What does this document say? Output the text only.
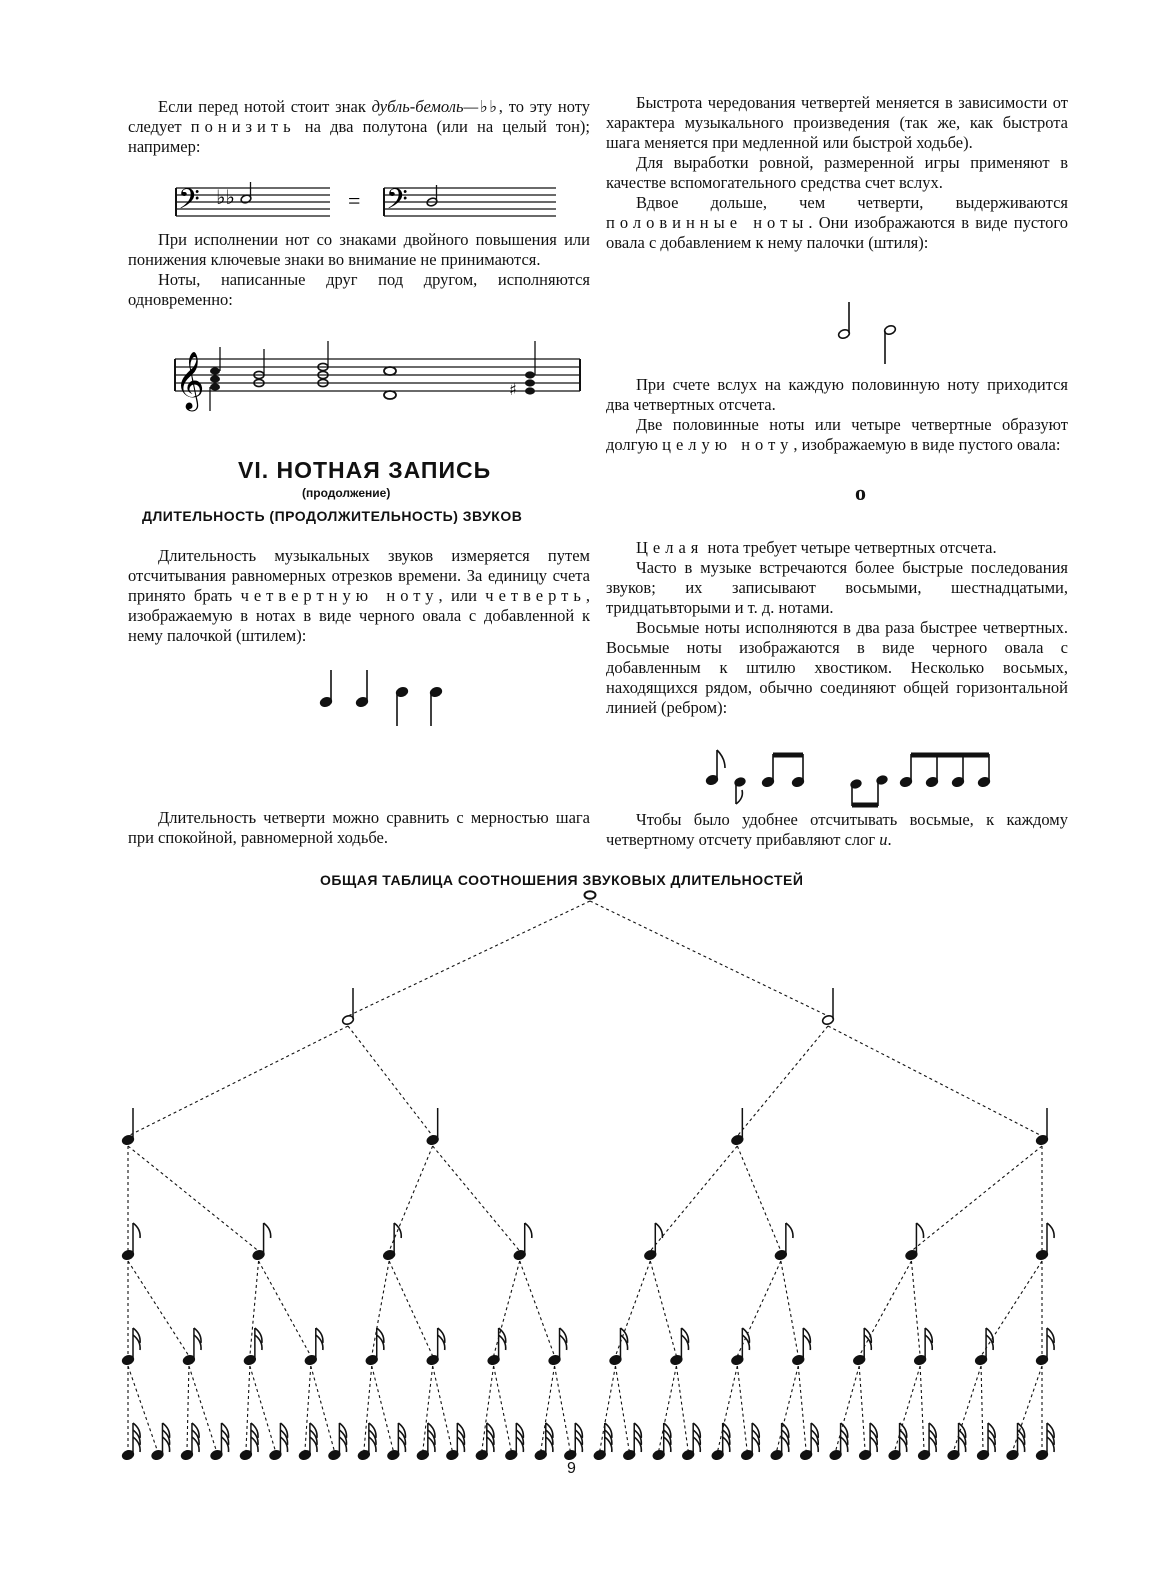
Если перед нотой стоит знак дубль-бемоль—♭♭, то эту ноту следует понизить на два полутона (или на целый тон); например:

𝄢 ♭♭	= 𝄢

При исполнении нот со знаками двойного повышения или понижения ключевые знаки во внимание не принимаются.

Ноты, написанные друг под другом, исполняются одновременно:

𝄞	♯
VI. НОТНАЯ ЗАПИСЬ
(продолжение)
ДЛИТЕЛЬНОСТЬ (ПРОДОЛЖИТЕЛЬНОСТЬ) ЗВУКОВ

Длительность музыкальных звуков измеряется путем отсчитывания равномерных отрезков времени. За единицу счета принято брать четвертную ноту, или четверть, изображаемую в нотах в виде черного овала с добавленной к нему палочкой (штилем):

Длительность четверти можно сравнить с мерностью шага при спокойной, равномерной ходьбе.

Быстрота чередования четвертей меняется в зависимости от характера музыкального произведения (так же, как быстрота шага меняется при медленной или быстрой ходьбе).

Для выработки ровной, размеренной игры применяют в качестве вспомогательного средства счет вслух.

Вдвое дольше, чем четверти, выдерживаются половинные ноты. Они изображаются в виде пустого овала с добавлением к нему палочки (штиля):

При счете вслух на каждую половинную ноту приходится два четвертных отсчета.

Две половинные ноты или четыре четвертные образуют долгую целую ноту, изображаемую в виде пустого овала:

o

Целая нота требует четыре четвертных отсчета.

Часто в музыке встречаются более быстрые последования звуков; их записывают восьмыми, шестнадцатыми, тридцатьвторыми и т. д. нотами.

Восьмые ноты исполняются в два раза быстрее четвертных. Восьмые ноты изображаются в виде черного овала с добавленным к штилю хвостиком. Несколько восьмых, находящихся рядом, обычно соединяют общей горизонтальной линией (ребром):

Чтобы было удобнее отсчитывать восьмые, к каждому четвертному отсчету прибавляют слог и.

ОБЩАЯ ТАБЛИЦА СООТНОШЕНИЯ ЗВУКОВЫХ ДЛИТЕЛЬНОСТЕЙ
9
